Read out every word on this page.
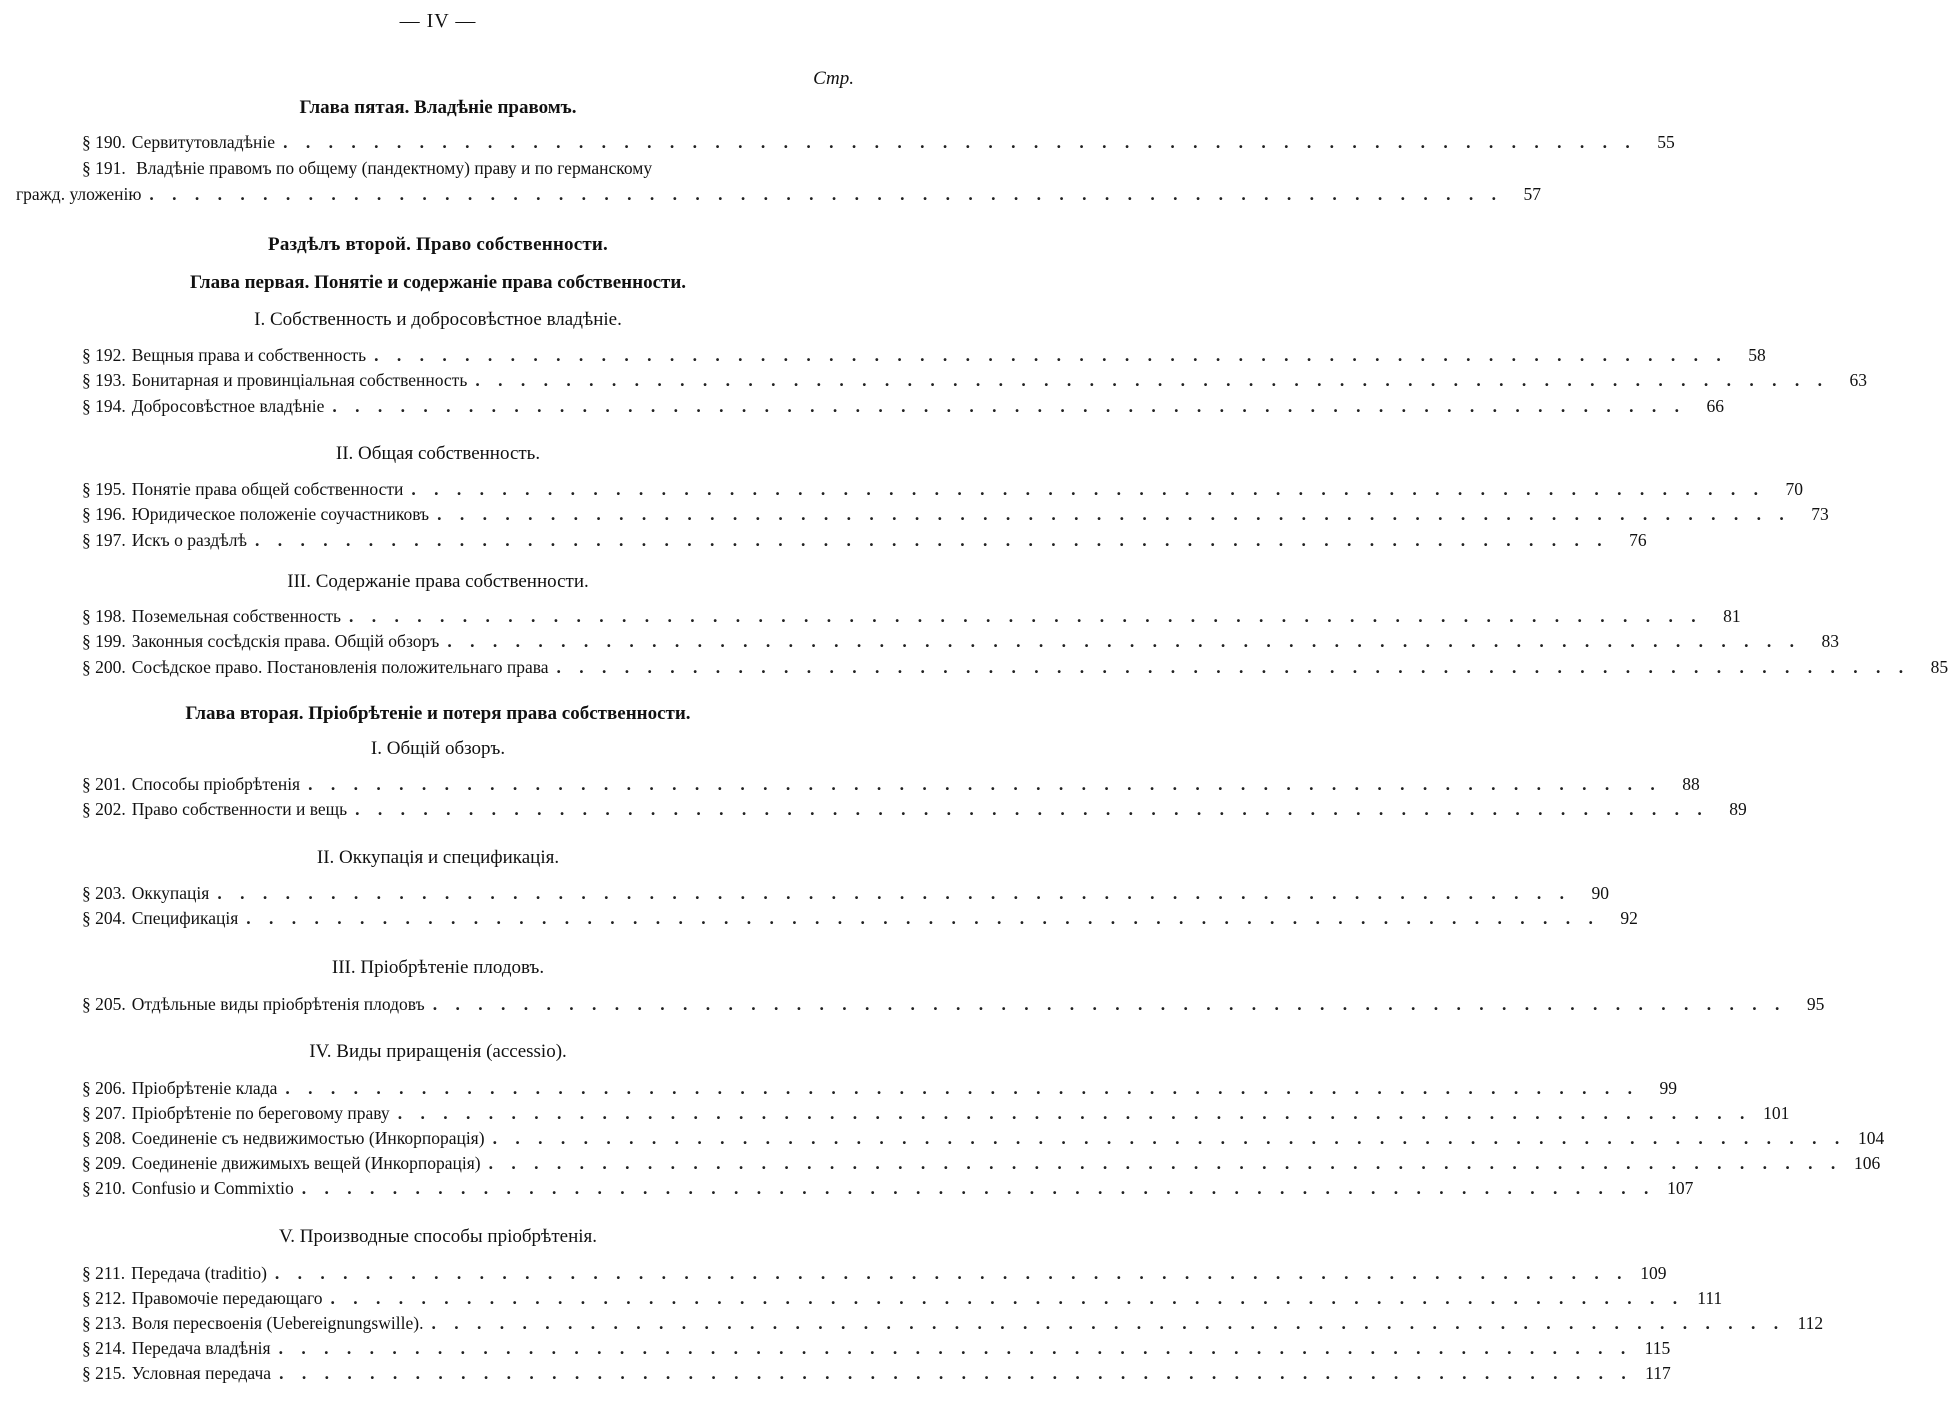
— IV —
Стр.
Глава пятая. Владѣніе правомъ.
§ 190. Сервитутовладѣніе . . . . . . . . . . . . . . . . . . . . . . . . . . . . . . . . . . . . . . . . . . . . . . . . . . . . . . . . . . . .	55
§ 191. Владѣніе правомъ по общему (пандектному) праву и по германскому
гражд. уложенію . . . . . . . . . . . . . . . . . . . . . . . . . . . . . . . . . . . . . . . . . . . . . . . . . . . . . . . . . . . .	57
Раздѣлъ второй. Право собственности.
Глава первая. Понятіе и содержаніе права собственности.
I. Собственность и добросовѣстное владѣніе.
§ 192. Вещныя права и собственность . . . . . . . . . . . . . . . . . . . . . . . . . . . . . . . . . . . . . . . . . . . . . . . . . . . . . . . . . . . .	58
§ 193. Бонитарная и провинціальная собственность . . . . . . . . . . . . . . . . . . . . . . . . . . . . . . . . . . . . . . . . . . . . . . . . . . . . . . . . . . . .	63
§ 194. Добросовѣстное владѣніе . . . . . . . . . . . . . . . . . . . . . . . . . . . . . . . . . . . . . . . . . . . . . . . . . . . . . . . . . . . .	66
II. Общая собственность.
§ 195. Понятіе права общей собственности . . . . . . . . . . . . . . . . . . . . . . . . . . . . . . . . . . . . . . . . . . . . . . . . . . . . . . . . . . . .	70
§ 196. Юридическое положеніе соучастниковъ . . . . . . . . . . . . . . . . . . . . . . . . . . . . . . . . . . . . . . . . . . . . . . . . . . . . . . . . . . . .	73
§ 197. Искъ о раздѣлѣ . . . . . . . . . . . . . . . . . . . . . . . . . . . . . . . . . . . . . . . . . . . . . . . . . . . . . . . . . . . .	76
III. Содержаніе права собственности.
§ 198. Поземельная собственность . . . . . . . . . . . . . . . . . . . . . . . . . . . . . . . . . . . . . . . . . . . . . . . . . . . . . . . . . . . .	81
§ 199. Законныя сосѣдскія права. Общій обзоръ . . . . . . . . . . . . . . . . . . . . . . . . . . . . . . . . . . . . . . . . . . . . . . . . . . . . . . . . . . . .	83
§ 200. Сосѣдское право. Постановленія положительнаго права . . . . . . . . . . . . . . . . . . . . . . . . . . . . . . . . . . . . . . . . . . . . . . . . . . . . . . . . . . . .	85
Глава вторая. Пріобрѣтеніе и потеря права собственности.
I. Общій обзоръ.
§ 201. Способы пріобрѣтенія . . . . . . . . . . . . . . . . . . . . . . . . . . . . . . . . . . . . . . . . . . . . . . . . . . . . . . . . . . . .	88
§ 202. Право собственности и вещь . . . . . . . . . . . . . . . . . . . . . . . . . . . . . . . . . . . . . . . . . . . . . . . . . . . . . . . . . . . .	89
II. Оккупація и спецификація.
§ 203. Оккупація . . . . . . . . . . . . . . . . . . . . . . . . . . . . . . . . . . . . . . . . . . . . . . . . . . . . . . . . . . . .	90
§ 204. Спецификація . . . . . . . . . . . . . . . . . . . . . . . . . . . . . . . . . . . . . . . . . . . . . . . . . . . . . . . . . . . .	92
III. Пріобрѣтеніе плодовъ.
§ 205. Отдѣльные виды пріобрѣтенія плодовъ . . . . . . . . . . . . . . . . . . . . . . . . . . . . . . . . . . . . . . . . . . . . . . . . . . . . . . . . . . . .	95
IV. Виды приращенія (accessio).
§ 206. Пріобрѣтеніе клада . . . . . . . . . . . . . . . . . . . . . . . . . . . . . . . . . . . . . . . . . . . . . . . . . . . . . . . . . . . .	99
§ 207. Пріобрѣтеніе по береговому праву . . . . . . . . . . . . . . . . . . . . . . . . . . . . . . . . . . . . . . . . . . . . . . . . . . . . . . . . . . . . 101
§ 208. Соединеніе съ недвижимостью (Инкорпорація) . . . . . . . . . . . . . . . . . . . . . . . . . . . . . . . . . . . . . . . . . . . . . . . . . . . . . . . . . . . . 104
§ 209. Соединеніе движимыхъ вещей (Инкорпорація) . . . . . . . . . . . . . . . . . . . . . . . . . . . . . . . . . . . . . . . . . . . . . . . . . . . . . . . . . . . . 106
§ 210. Confusio и Commixtio . . . . . . . . . . . . . . . . . . . . . . . . . . . . . . . . . . . . . . . . . . . . . . . . . . . . . . . . . . . . 107
V. Производные способы пріобрѣтенія.
§ 211. Передача (traditio) . . . . . . . . . . . . . . . . . . . . . . . . . . . . . . . . . . . . . . . . . . . . . . . . . . . . . . . . . . . . 109
§ 212. Правомочіе передающаго . . . . . . . . . . . . . . . . . . . . . . . . . . . . . . . . . . . . . . . . . . . . . . . . . . . . . . . . . . . . 111
§ 213. Воля пересвоенія (Uebereignungswille). . . . . . . . . . . . . . . . . . . . . . . . . . . . . . . . . . . . . . . . . . . . . . . . . . . . . . . . . . . . . 112
§ 214. Передача владѣнія . . . . . . . . . . . . . . . . . . . . . . . . . . . . . . . . . . . . . . . . . . . . . . . . . . . . . . . . . . . . 115
§ 215. Условная передача . . . . . . . . . . . . . . . . . . . . . . . . . . . . . . . . . . . . . . . . . . . . . . . . . . . . . . . . . . . . 117
